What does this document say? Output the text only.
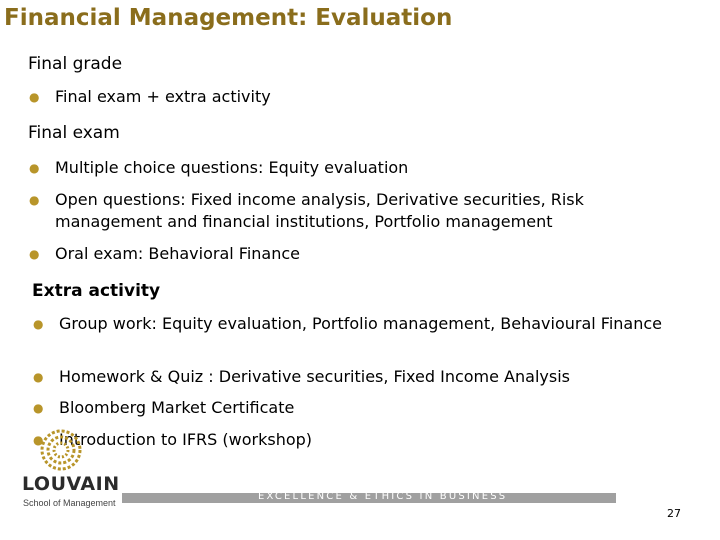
Financial Management: Evaluation
Final grade
● Final exam + extra activity
Final exam
● Multiple choice questions: Equity evaluation
● Open questions: Fixed income analysis, Derivative securities, Risk management and financial institutions, Portfolio management
● Oral exam: Behavioral Finance
Extra activity
● Group work: Equity evaluation, Portfolio management, Behavioural Finance
● Homework & Quiz : Derivative securities, Fixed Income Analysis
● Bloomberg Market Certificate
● Introduction to IFRS (workshop)
LOUVAIN
School of Management
EXCELLENCE & ETHICS IN BUSINESS
27
